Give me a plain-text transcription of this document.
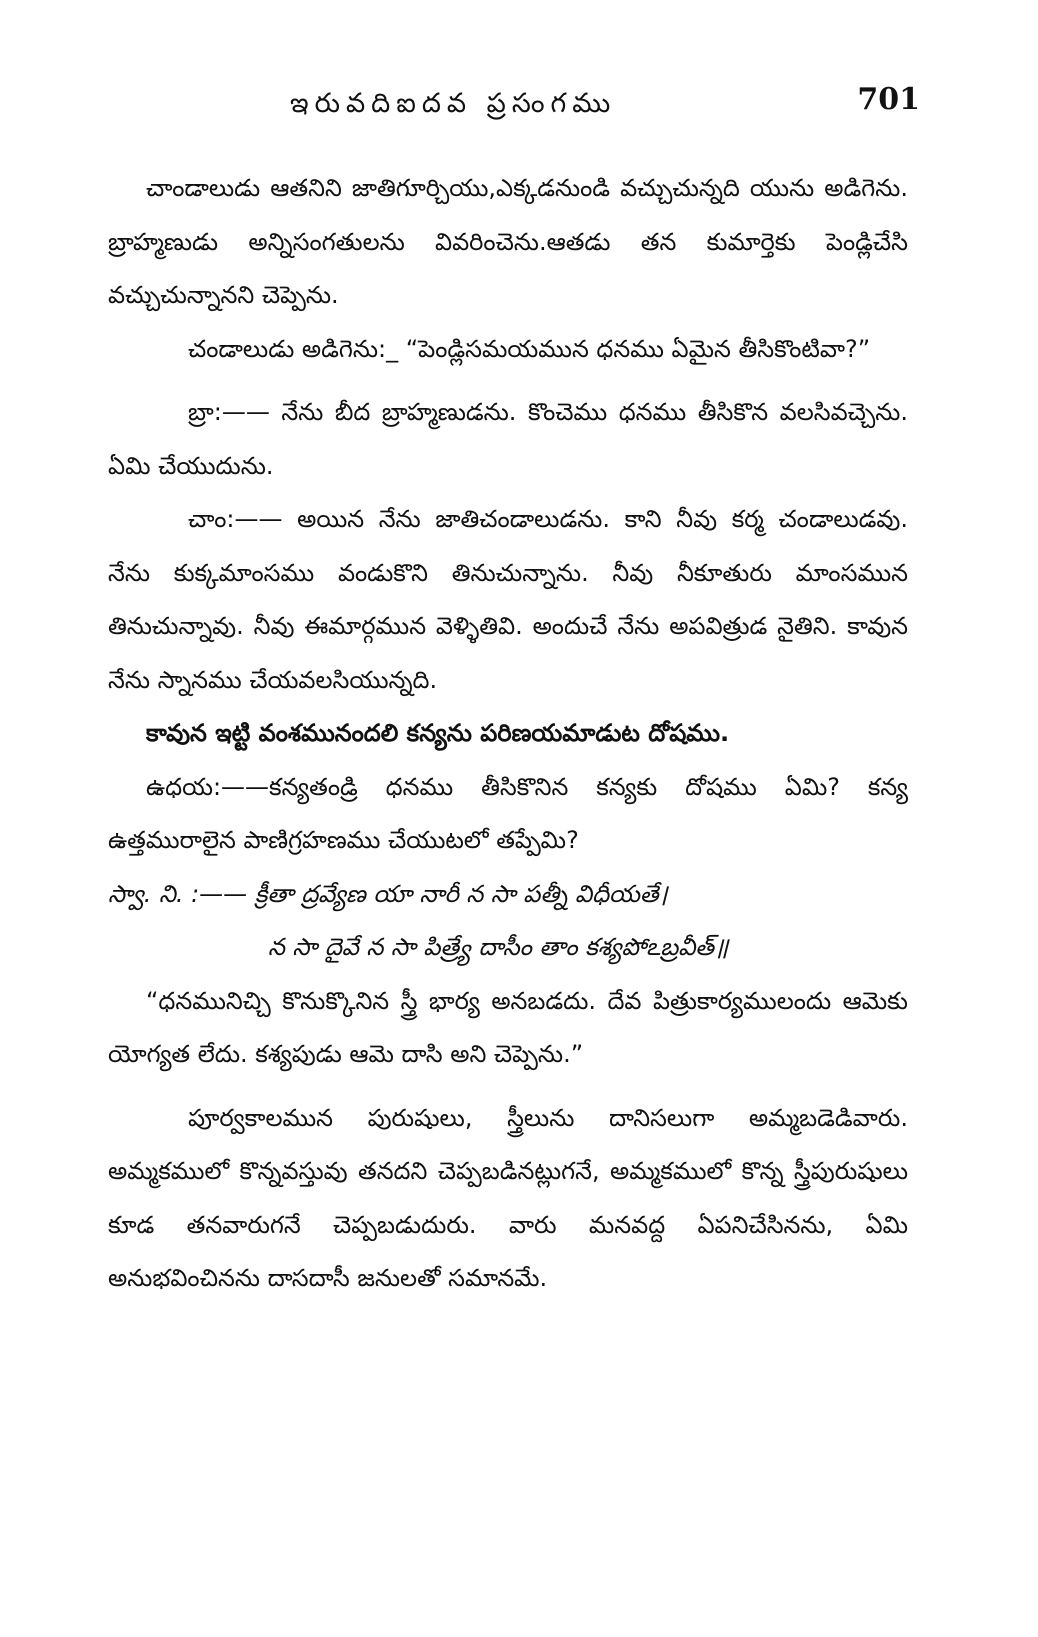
ఇరువదిఐదవ ప్రసంగము	701

చాండాలుడు ఆతనిని జాతిగూర్చియు,ఎక్కడనుండి వచ్చుచున్నది యును అడిగెను. బ్రాహ్మణుడు అన్నిసంగతులను వివరించెను.ఆతడు తన కుమార్తెకు పెండ్లిచేసి వచ్చుచున్నానని చెప్పెను.

చండాలుడు అడిగెను:_ “పెండ్లిసమయమున ధనము ఏమైన తీసికొంటివా?”

బ్రా:—— నేను బీద బ్రాహ్మణుడను. కొంచెము ధనము తీసికొన వలసివచ్చెను. ఏమి చేయుదును.

చాం:—— అయిన నేను జాతిచండాలుడను. కాని నీవు కర్మ చండాలుడవు. నేను కుక్కమాంసము వండుకొని తినుచున్నాను. నీవు నీకూతురు మాంసమున తినుచున్నావు. నీవు ఈమార్గమున వెళ్ళితివి. అందుచే నేను అపవిత్రుడ నైతిని. కావున నేను స్నానము చేయవలసియున్నది.

కావున ఇట్టి వంశమునందలి కన్యను పరిణయమాడుట దోషము.

ఉధయ:——కన్యతండ్రి ధనము తీసికొనిన కన్యకు దోషము ఏమి? కన్య ఉత్తమురాలైన పాణిగ్రహణము చేయుటలో తప్పేమి?

స్వా. ని. :—— క్రీతా ద్రవ్యేణ యా నారీ న సా పత్నీ విధీయతే।

న సా దైవే న సా పిత్ర్యే దాసీం తాం కశ్యపోఽబ్రవీత్॥

“ధనమునిచ్చి కొనుక్కొనిన స్త్రీ భార్య అనబడదు. దేవ పిత్రుకార్యములందు ఆమెకు యోగ్యత లేదు. కశ్యపుడు ఆమె దాసి అని చెప్పెను.”

పూర్వకాలమున పురుషులు, స్త్రీలును దానిసలుగా అమ్మబడెడివారు. అమ్మకములో కొన్నవస్తువు తనదని చెప్పబడినట్లుగనే, అమ్మకములో కొన్న స్త్రీపురుషులు కూడ తనవారుగనే చెప్పబడుదురు. వారు మనవద్ద ఏపనిచేసినను, ఏమి అనుభవించినను దాసదాసీ జనులతో సమానమే.
